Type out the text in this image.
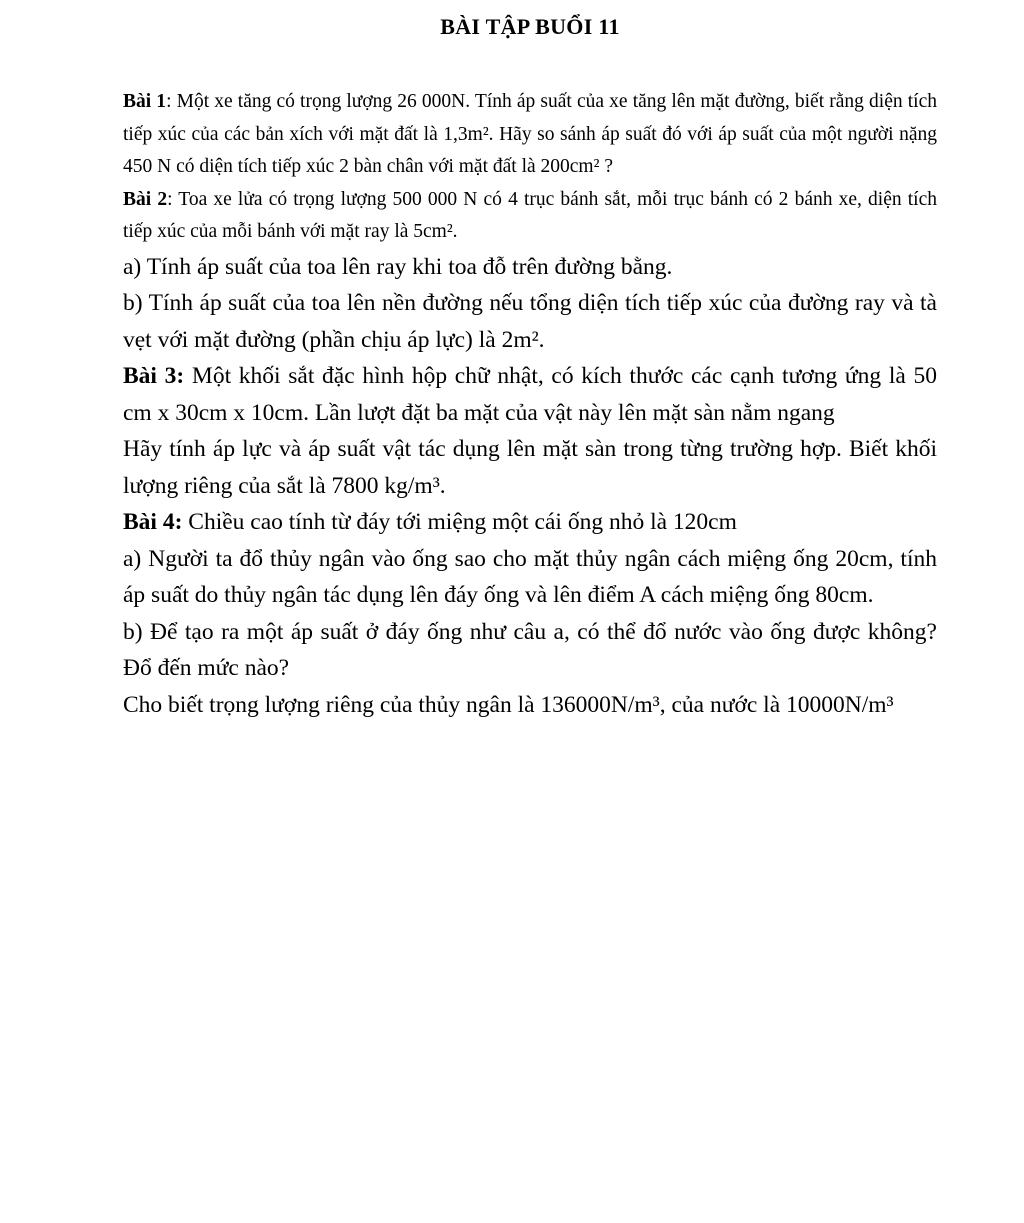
BÀI TẬP BUỔI 11

Bài 1: Một xe tăng có trọng lượng 26 000N. Tính áp suất của xe tăng lên mặt đường, biết rằng diện tích tiếp xúc của các bản xích với mặt đất là 1,3m². Hãy so sánh áp suất đó với áp suất của một người nặng 450 N có diện tích tiếp xúc 2 bàn chân với mặt đất là 200cm² ?

Bài 2: Toa xe lửa có trọng lượng 500 000 N có 4 trục bánh sắt, mỗi trục bánh có 2 bánh xe, diện tích tiếp xúc của mỗi bánh với mặt ray là 5cm².

a) Tính áp suất của toa lên ray khi toa đỗ trên đường bằng.

b) Tính áp suất của toa lên nền đường nếu tổng diện tích tiếp xúc của đường ray và tà vẹt với mặt đường (phần chịu áp lực) là 2m².

Bài 3: Một khối sắt đặc hình hộp chữ nhật, có kích thước các cạnh tương ứng là 50 cm x 30cm x 10cm. Lần lượt đặt ba mặt của vật này lên mặt sàn nằm ngang

Hãy tính áp lực và áp suất vật tác dụng lên mặt sàn trong từng trường hợp. Biết khối lượng riêng của sắt là 7800 kg/m³.

Bài 4: Chiều cao tính từ đáy tới miệng một cái ống nhỏ là 120cm

a) Người ta đổ thủy ngân vào ống sao cho mặt thủy ngân cách miệng ống 20cm, tính áp suất do thủy ngân tác dụng lên đáy ống và lên điểm A cách miệng ống 80cm.

b) Để tạo ra một áp suất ở đáy ống như câu a, có thể đổ nước vào ống được không? Đổ đến mức nào?

Cho biết trọng lượng riêng của thủy ngân là 136000N/m³, của nước là 10000N/m³
